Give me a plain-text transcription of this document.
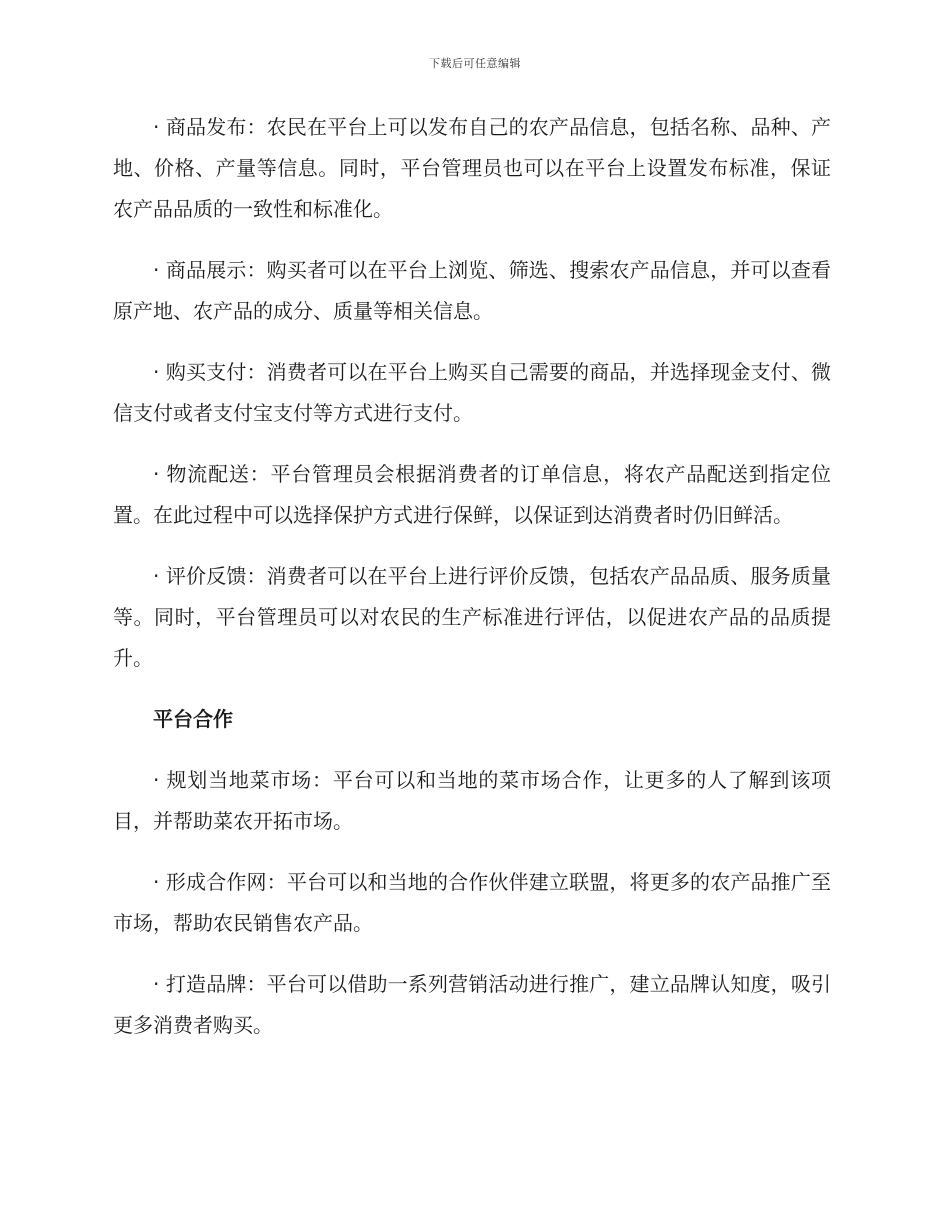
下载后可任意编辑

· 商品发布：农民在平台上可以发布自己的农产品信息，包括名称、品种、产地、价格、产量等信息。同时，平台管理员也可以在平台上设置发布标准，保证农产品品质的一致性和标准化。

· 商品展示：购买者可以在平台上浏览、筛选、搜索农产品信息，并可以查看原产地、农产品的成分、质量等相关信息。

· 购买支付：消费者可以在平台上购买自己需要的商品，并选择现金支付、微信支付或者支付宝支付等方式进行支付。

· 物流配送：平台管理员会根据消费者的订单信息，将农产品配送到指定位置。在此过程中可以选择保护方式进行保鲜，以保证到达消费者时仍旧鲜活。

· 评价反馈：消费者可以在平台上进行评价反馈，包括农产品品质、服务质量等。同时，平台管理员可以对农民的生产标准进行评估，以促进农产品的品质提升。

平台合作

· 规划当地菜市场：平台可以和当地的菜市场合作，让更多的人了解到该项目，并帮助菜农开拓市场。

· 形成合作网：平台可以和当地的合作伙伴建立联盟，将更多的农产品推广至市场，帮助农民销售农产品。

· 打造品牌：平台可以借助一系列营销活动进行推广，建立品牌认知度，吸引更多消费者购买。
